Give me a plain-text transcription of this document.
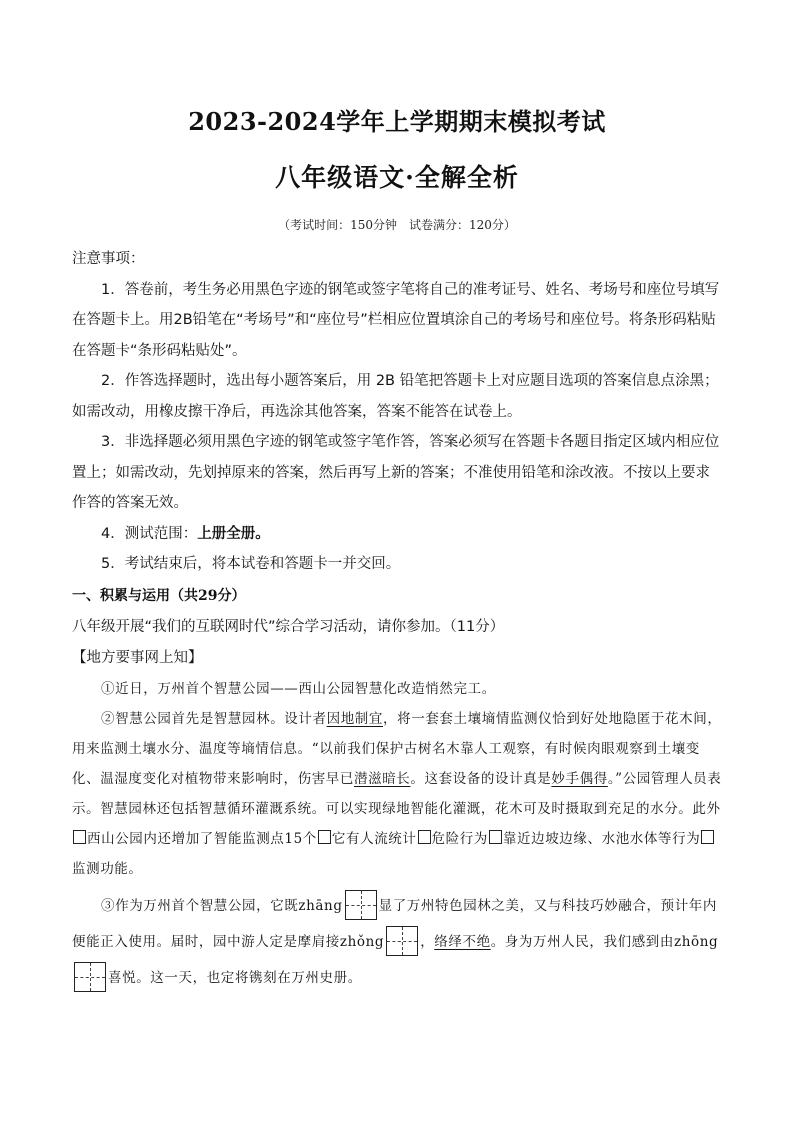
2023-2024学年上学期期末模拟考试
八年级语文·全解全析
（考试时间：150分钟　试卷满分：120分）

注意事项：

1．答卷前，考生务必用黑色字迹的钢笔或签字笔将自己的准考证号、姓名、考场号和座位号填写在答题卡上。用2B铅笔在“考场号”和“座位号”栏相应位置填涂自己的考场号和座位号。将条形码粘贴在答题卡“条形码粘贴处”。

2．作答选择题时，选出每小题答案后，用 2B 铅笔把答题卡上对应题目选项的答案信息点涂黑；如需改动，用橡皮擦干净后，再选涂其他答案，答案不能答在试卷上。

3．非选择题必须用黑色字迹的钢笔或签字笔作答，答案必须写在答题卡各题目指定区域内相应位置上；如需改动，先划掉原来的答案，然后再写上新的答案；不准使用铅笔和涂改液。不按以上要求作答的答案无效。

4．测试范围：上册全册。

5．考试结束后，将本试卷和答题卡一并交回。

一、积累与运用（共29分）

八年级开展“我们的互联网时代”综合学习活动，请你参加。（11分）

【地方要事网上知】

①近日，万州首个智慧公园——西山公园智慧化改造悄然完工。

②智慧公园首先是智慧园林。设计者因地制宜，将一套套土壤墒情监测仪恰到好处地隐匿于花木间，用来监测土壤水分、温度等墒情信息。“以前我们保护古树名木靠人工观察，有时候肉眼观察到土壤变化、温湿度变化对植物带来影响时，伤害早已潜滋暗长。这套设备的设计真是妙手偶得。”公园管理人员表示。智慧园林还包括智慧循环灌溉系统。可以实现绿地智能化灌溉，花木可及时摄取到充足的水分。此外西山公园内还增加了智能监测点15个 它有人流统计 危险行为 靠近边坡边缘、水池水体等行为监测功能。

③作为万州首个智慧公园，它既zhāng	显了万州特色园林之美，又与科技巧妙融合，预计年内便能正入使用。届时，园中游人定是摩肩接zhǒng	，络绎不绝。身为万州人民，我们感到由zhōng
喜悦。这一天，也定将镌刻在万州史册。
